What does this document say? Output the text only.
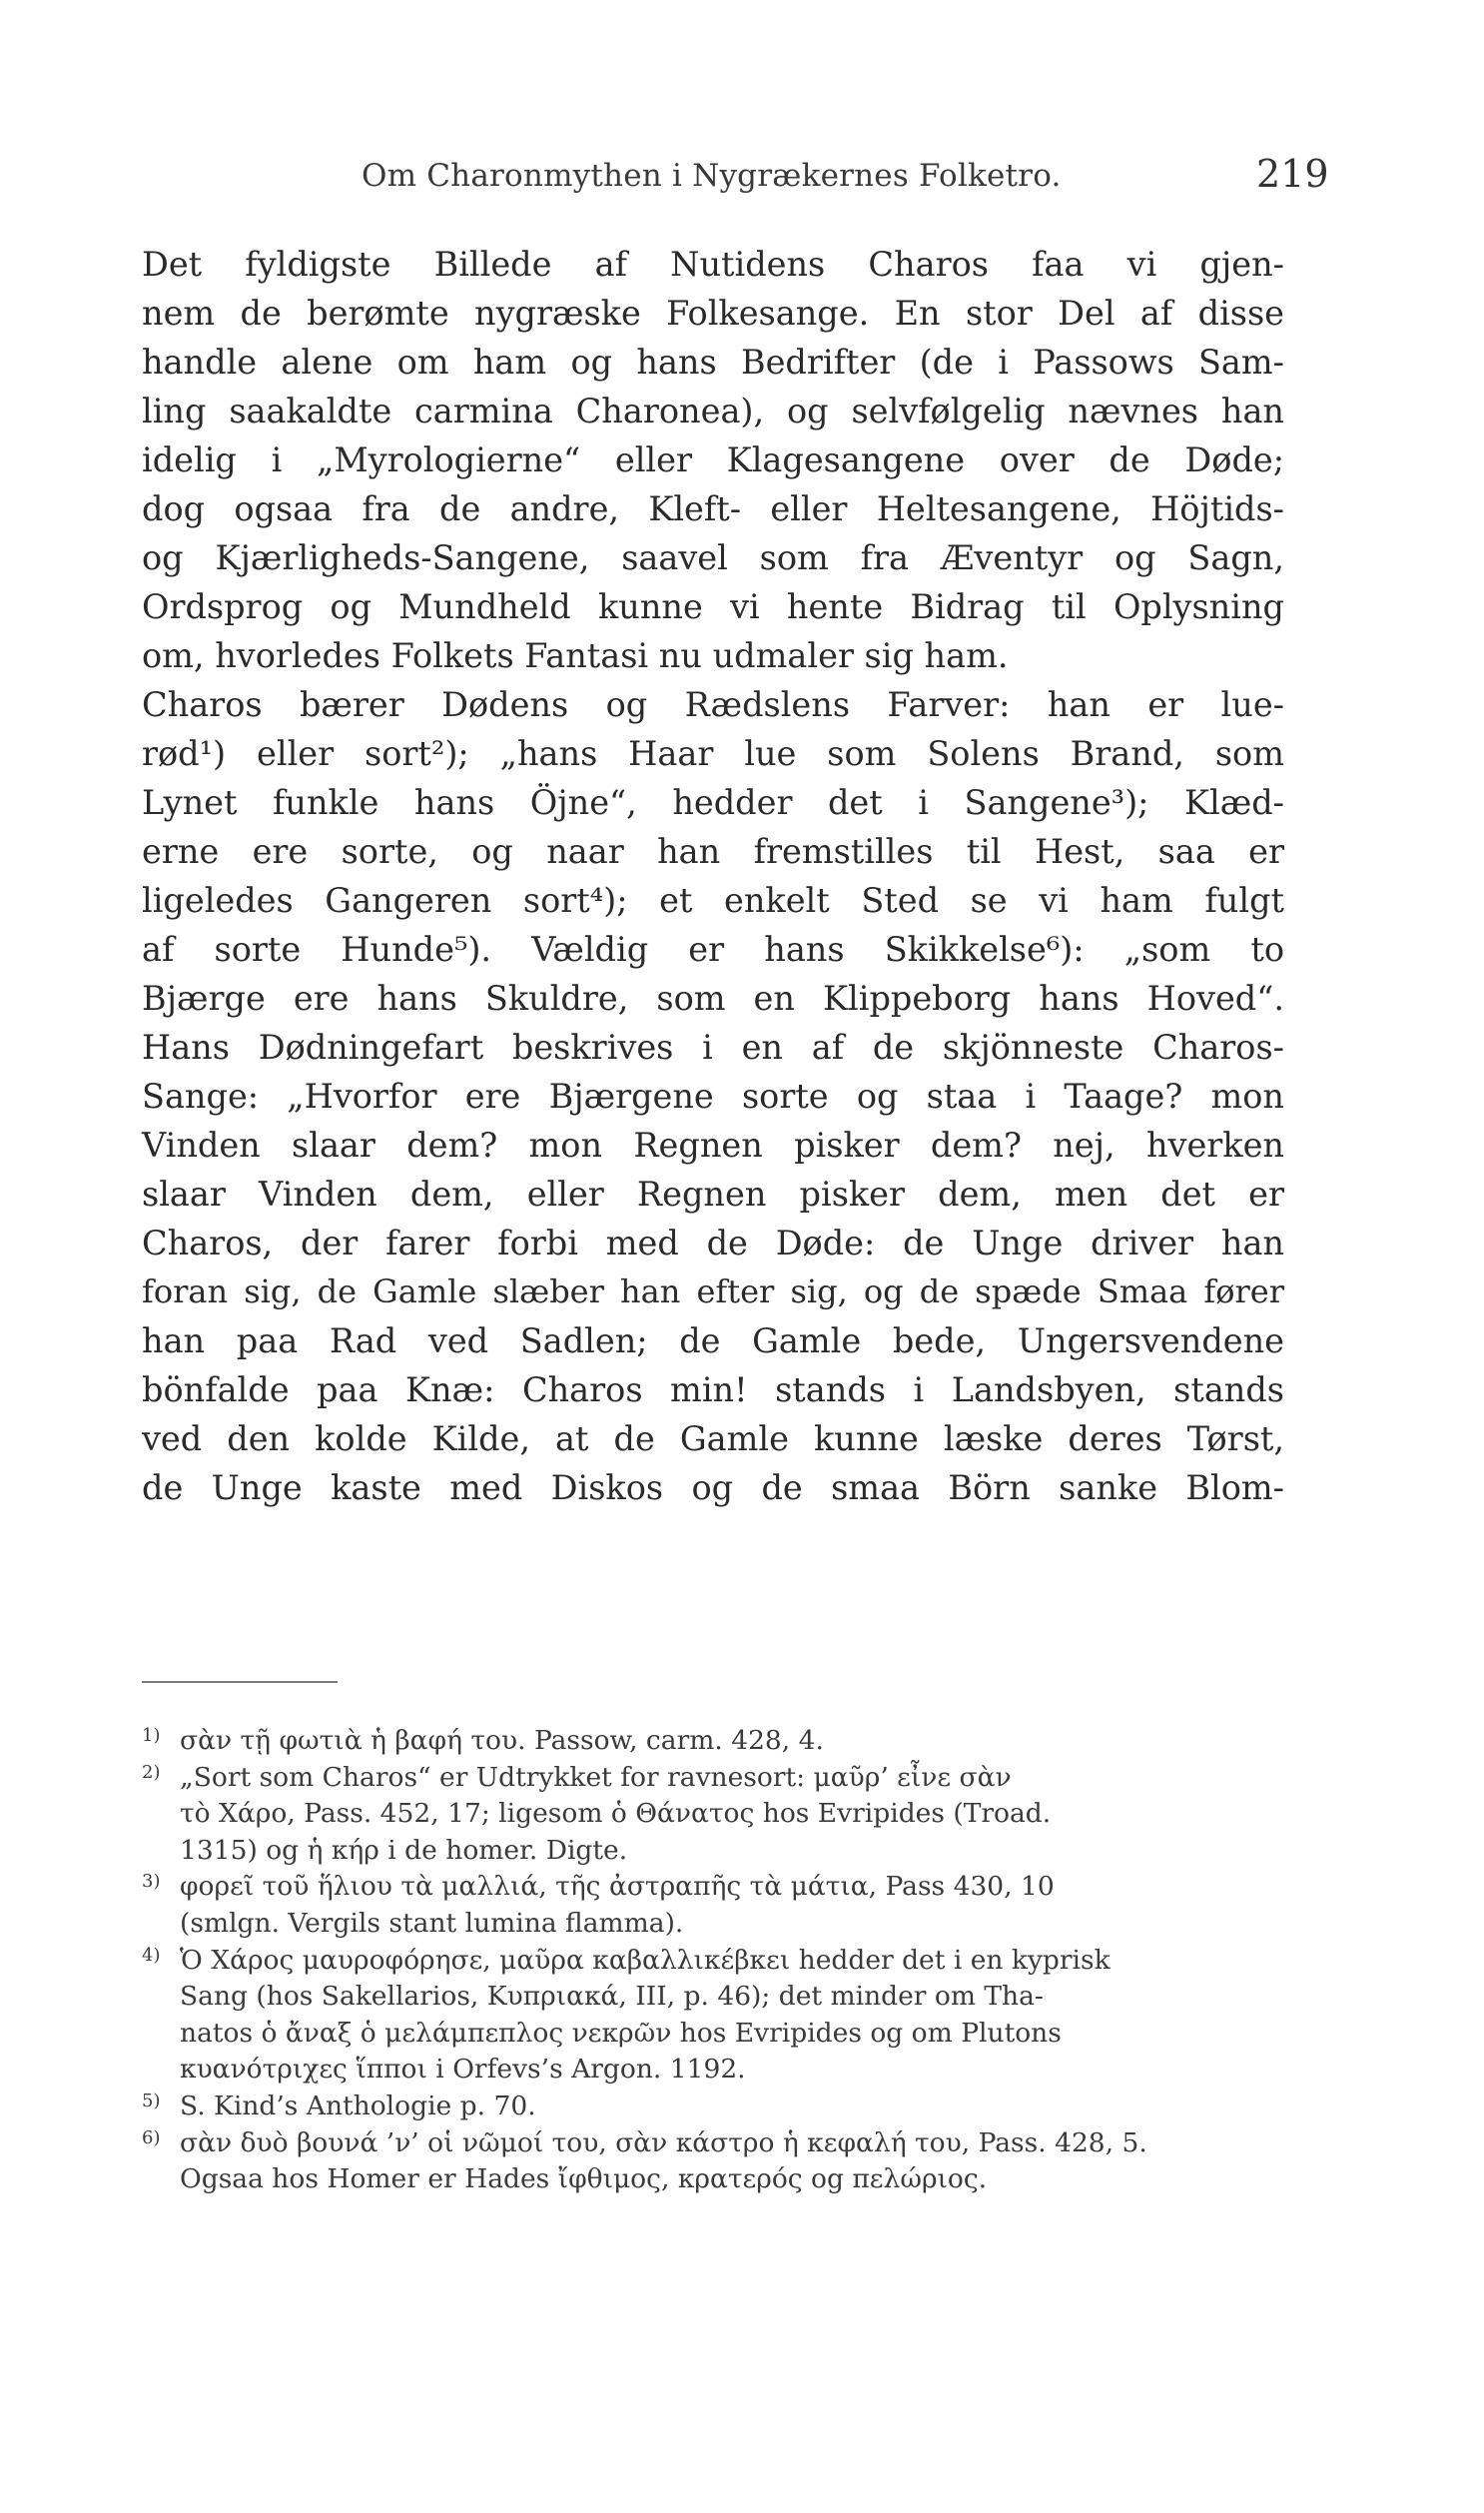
Om Charonmythen i Nygrækernes Folketro.	219
Det fyldigste Billede af Nutidens Charos faa vi gjen-
nem de berømte nygræske Folkesange. En stor Del af disse
handle alene om ham og hans Bedrifter (de i Passows Sam-
ling saakaldte carmina Charonea), og selvfølgelig nævnes han
idelig i „Myrologierne“ eller Klagesangene over de Døde;
dog ogsaa fra de andre, Kleft- eller Heltesangene, Höjtids-
og Kjærligheds-Sangene, saavel som fra Æventyr og Sagn,
Ordsprog og Mundheld kunne vi hente Bidrag til Oplysning
om, hvorledes Folkets Fantasi nu udmaler sig ham.
Charos bærer Dødens og Rædslens Farver: han er lue-
rød¹) eller sort²); „hans Haar lue som Solens Brand, som
Lynet funkle hans Öjne“, hedder det i Sangene³); Klæd-
erne ere sorte, og naar han fremstilles til Hest, saa er
ligeledes Gangeren sort⁴); et enkelt Sted se vi ham fulgt
af sorte Hunde⁵). Vældig er hans Skikkelse⁶): „som to
Bjærge ere hans Skuldre, som en Klippeborg hans Hoved“.
Hans Dødningefart beskrives i en af de skjönneste Charos-
Sange: „Hvorfor ere Bjærgene sorte og staa i Taage? mon
Vinden slaar dem? mon Regnen pisker dem? nej, hverken
slaar Vinden dem, eller Regnen pisker dem, men det er
Charos, der farer forbi med de Døde: de Unge driver han
foran sig, de Gamle slæber han efter sig, og de spæde Smaa fører
han paa Rad ved Sadlen; de Gamle bede, Ungersvendene
bönfalde paa Knæ: Charos min! stands i Landsbyen, stands
ved den kolde Kilde, at de Gamle kunne læske deres Tørst,
de Unge kaste med Diskos og de smaa Börn sanke Blom-
1) σὰν τῇ φωτιὰ ἡ βαφή του. Passow, carm. 428, 4.
2) „Sort som Charos“ er Udtrykket for ravnesort: μαῦρ’ εἶνε σὰν
τὸ Χάρο, Pass. 452, 17; ligesom ὁ Θάνατος hos Evripides (Troad.
1315) og ἡ κήρ i de homer. Digte.
3) φορεῖ τοῦ ἥλιου τὰ μαλλιά, τῆς ἀστραπῆς τὰ μάτια, Pass 430, 10
(smlgn. Vergils stant lumina flamma).
4) Ὁ Χάρος μαυροφόρησε, μαῦρα καβαλλικέβκει hedder det i en kyprisk
Sang (hos Sakellarios, Κυπριακά, III, p. 46); det minder om Tha-
natos ὁ ἄναξ ὁ μελάμπεπλος νεκρῶν hos Evripides og om Plutons
κυανότριχες ἵπποι i Orfevs’s Argon. 1192.
5) S. Kind’s Anthologie p. 70.
6) σὰν δυὸ βουνά ’ν’ οἱ νῶμοί του, σὰν κάστρο ἡ κεφαλή του, Pass. 428, 5.
Ogsaa hos Homer er Hades ἴφθιμος, κρατερός og πελώριος.
